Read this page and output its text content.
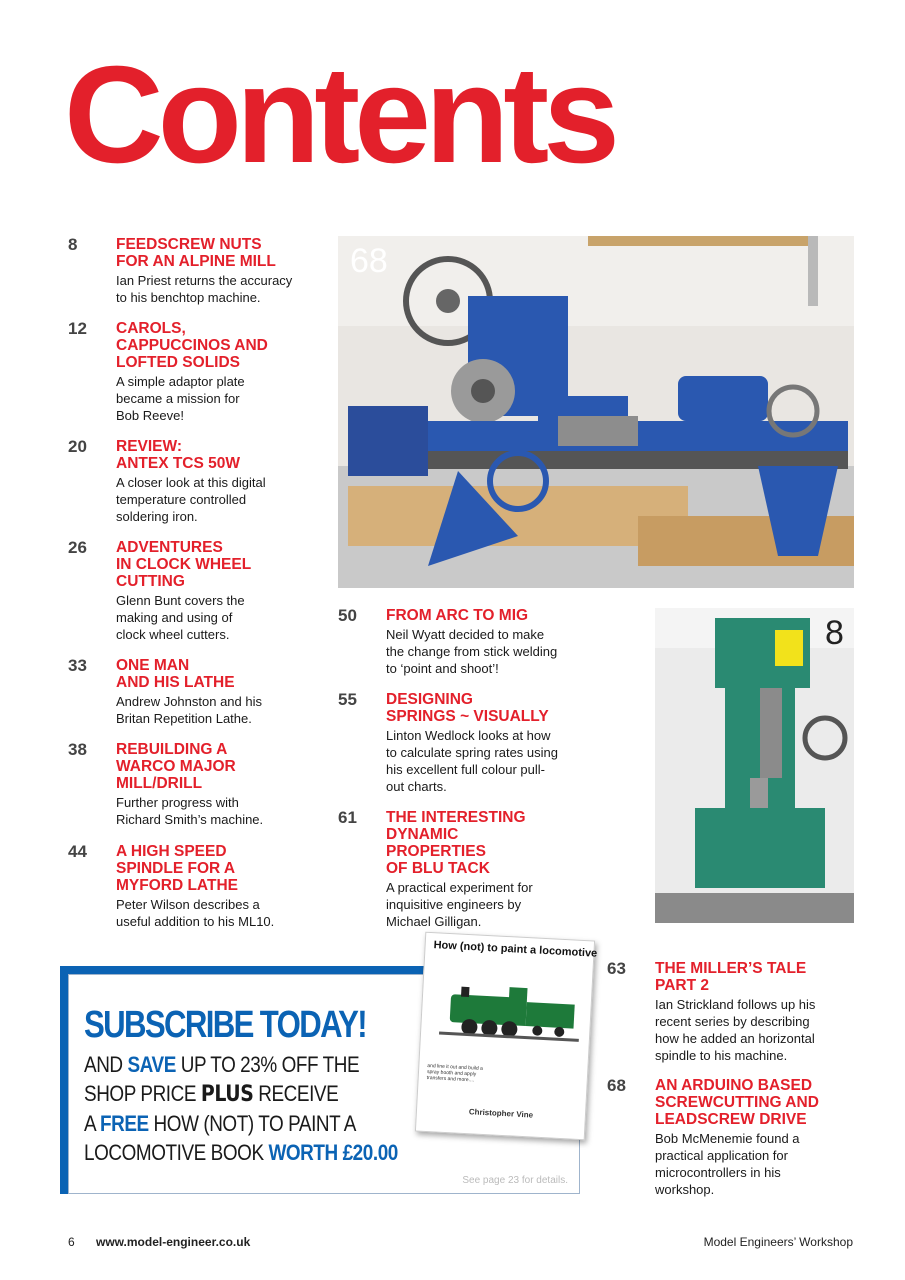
Contents
68
8
8 FEEDSCREW NUTS
FOR AN ALPINE MILL
Ian Priest returns the accuracy
to his benchtop machine.
12 CAROLS,
CAPPUCCINOS AND
LOFTED SOLIDS
A simple adaptor plate
became a mission for
Bob Reeve!
20 REVIEW:
ANTEX TCS 50W
A closer look at this digital
temperature controlled
soldering iron.
26 ADVENTURES
IN CLOCK WHEEL
CUTTING
Glenn Bunt covers the
making and using of
clock wheel cutters.
33 ONE MAN
AND HIS LATHE
Andrew Johnston and his
Britan Repetition Lathe.
38 REBUILDING A
WARCO MAJOR
MILL/DRILL
Further progress with
Richard Smith’s machine.
44 A HIGH SPEED
SPINDLE FOR A
MYFORD LATHE
Peter Wilson describes a
useful addition to his ML10.
50 FROM ARC TO MIG
Neil Wyatt decided to make
the change from stick welding
to ‘point and shoot’!
55 DESIGNING
SPRINGS ~ VISUALLY
Linton Wedlock looks at how
to calculate spring rates using
his excellent full colour pull-
out charts.
61 THE INTERESTING
DYNAMIC
PROPERTIES
OF BLU TACK
A practical experiment for
inquisitive engineers by
Michael Gilligan.
63 THE MILLER’S TALE
PART 2
Ian Strickland follows up his
recent series by describing
how he added an horizontal
spindle to his machine.
68 AN ARDUINO BASED
SCREWCUTTING AND
LEADSCREW DRIVE
Bob McMenemie found a
practical application for
microcontrollers in his
workshop.
SUBSCRIBE TODAY!
AND SAVE UP TO 23% OFF THE
SHOP PRICE PLUS RECEIVE
A FREE HOW (NOT) TO PAINT A
LOCOMOTIVE BOOK WORTH £20.00
See page 23 for details.
How (not) to paint a locomotive
and line it out and build a spray booth and apply transfers and more....
Christopher Vine
6 www.model-engineer.co.uk	Model Engineers’ Workshop
